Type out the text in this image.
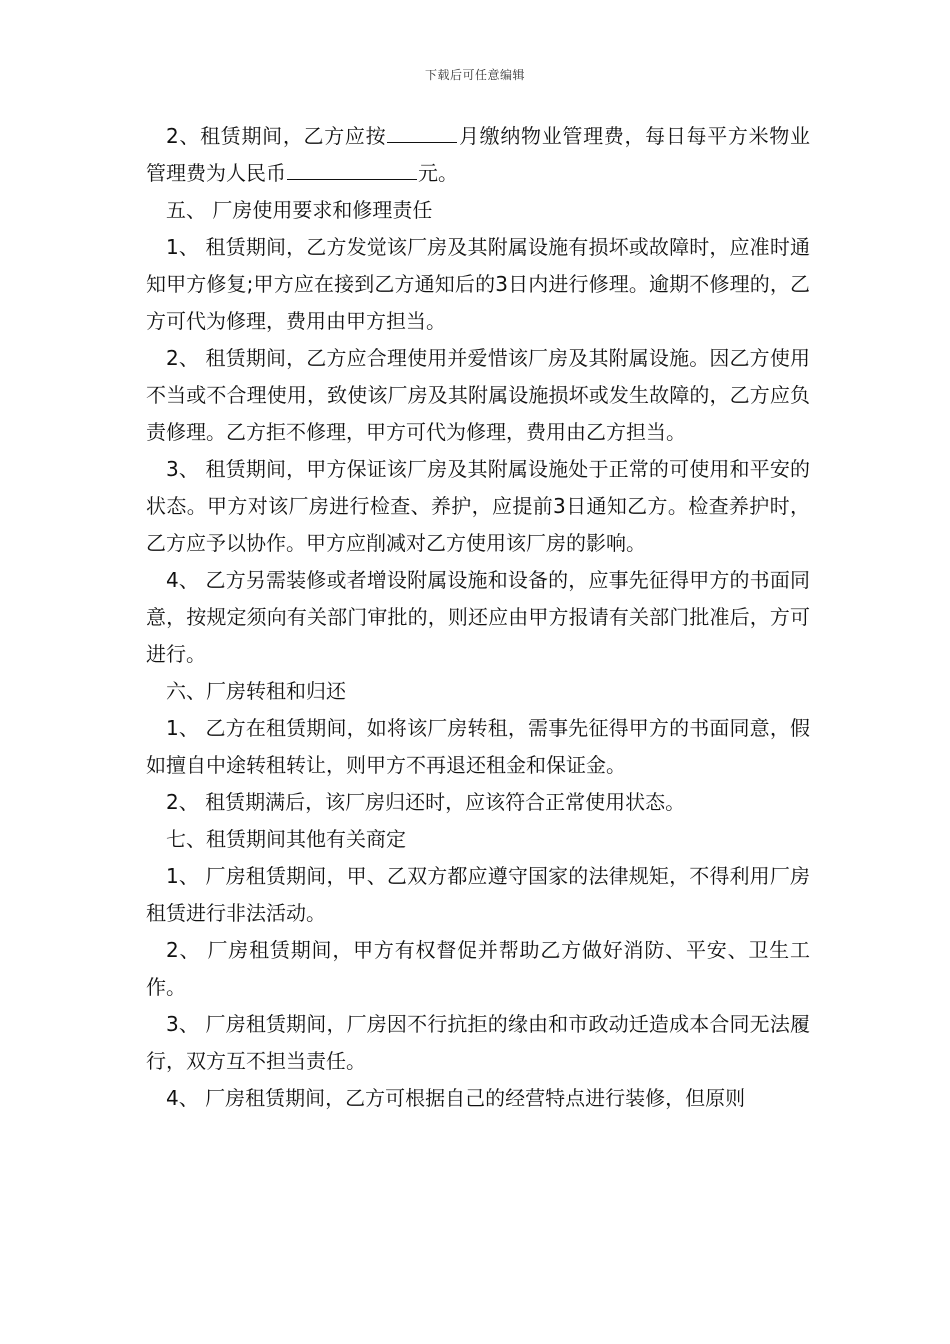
下载后可任意编辑

2、租赁期间，乙方应按	月缴纳物业管理费，每日每平方米物业管理费为人民币	元。

五、 厂房使用要求和修理责任

1、 租赁期间，乙方发觉该厂房及其附属设施有损坏或故障时，应准时通知甲方修复;甲方应在接到乙方通知后的3日内进行修理。逾期不修理的，乙方可代为修理，费用由甲方担当。

2、 租赁期间，乙方应合理使用并爱惜该厂房及其附属设施。因乙方使用不当或不合理使用，致使该厂房及其附属设施损坏或发生故障的，乙方应负责修理。乙方拒不修理，甲方可代为修理，费用由乙方担当。

3、 租赁期间，甲方保证该厂房及其附属设施处于正常的可使用和平安的状态。甲方对该厂房进行检查、养护，应提前3日通知乙方。检查养护时，乙方应予以协作。甲方应削减对乙方使用该厂房的影响。

4、 乙方另需装修或者增设附属设施和设备的，应事先征得甲方的书面同意，按规定须向有关部门审批的，则还应由甲方报请有关部门批准后，方可进行。

六、厂房转租和归还

1、 乙方在租赁期间，如将该厂房转租，需事先征得甲方的书面同意，假如擅自中途转租转让，则甲方不再退还租金和保证金。

2、 租赁期满后，该厂房归还时，应该符合正常使用状态。

七、租赁期间其他有关商定

1、 厂房租赁期间，甲、乙双方都应遵守国家的法律规矩，不得利用厂房租赁进行非法活动。

2、 厂房租赁期间，甲方有权督促并帮助乙方做好消防、平安、卫生工作。

3、 厂房租赁期间，厂房因不行抗拒的缘由和市政动迁造成本合同无法履行，双方互不担当责任。

4、 厂房租赁期间，乙方可根据自己的经营特点进行装修，但原则
